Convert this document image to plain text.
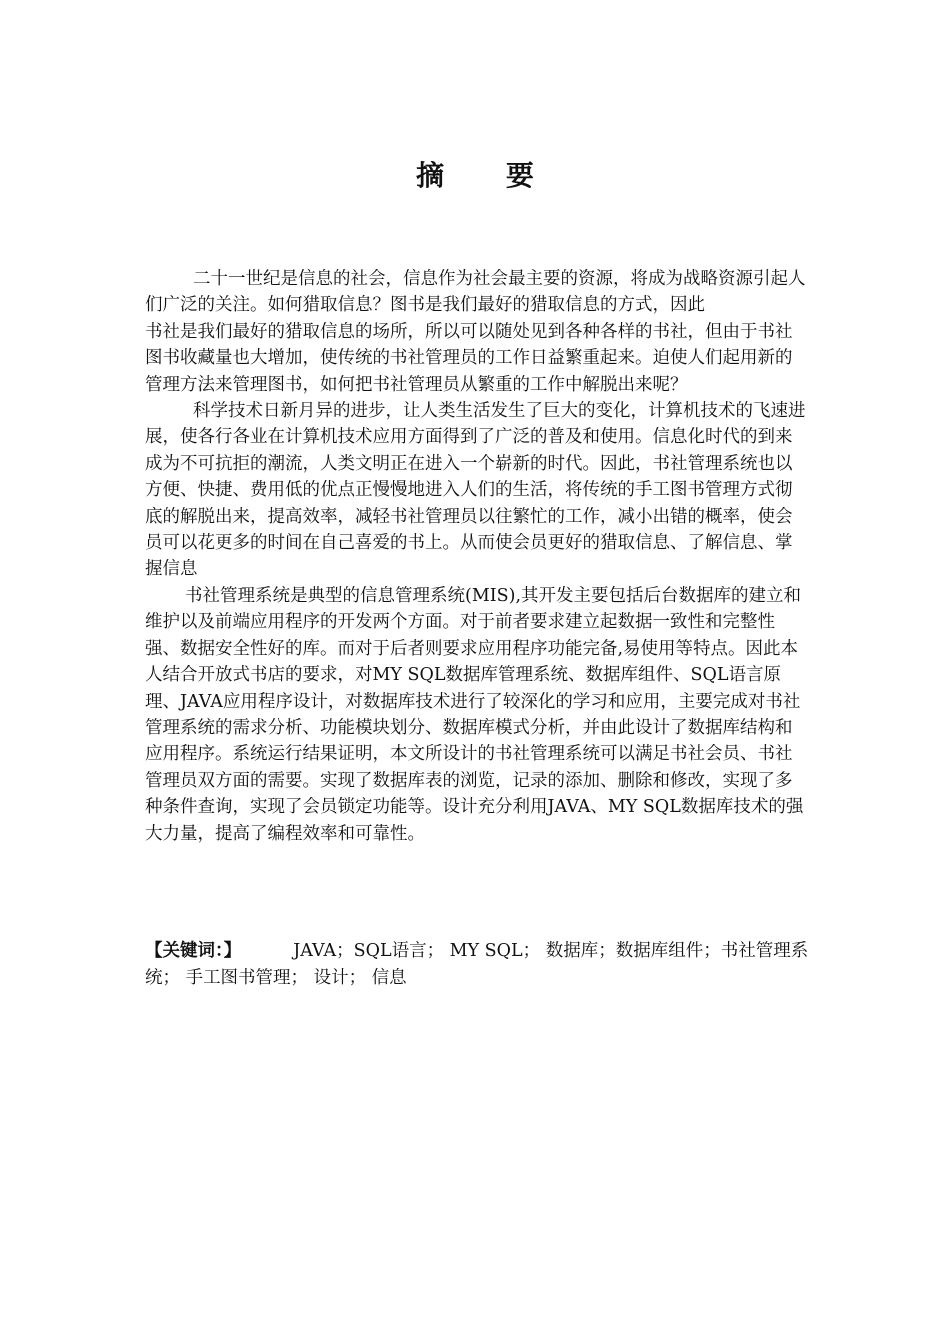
摘 要

二十一世纪是信息的社会，信息作为社会最主要的资源，将成为战略资源引起人们广泛的关注。如何猎取信息？图书是我们最好的猎取信息的方式，因此

书社是我们最好的猎取信息的场所，所以可以随处见到各种各样的书社，但由于书社图书收藏量也大增加，使传统的书社管理员的工作日益繁重起来。迫使人们起用新的管理方法来管理图书，如何把书社管理员从繁重的工作中解脱出来呢？

科学技术日新月异的进步，让人类生活发生了巨大的变化，计算机技术的飞速进展，使各行各业在计算机技术应用方面得到了广泛的普及和使用。信息化时代的到来成为不可抗拒的潮流，人类文明正在进入一个崭新的时代。因此，书社管理系统也以方便、快捷、费用低的优点正慢慢地进入人们的生活，将传统的手工图书管理方式彻底的解脱出来，提高效率，减轻书社管理员以往繁忙的工作，减小出错的概率，使会员可以花更多的时间在自己喜爱的书上。从而使会员更好的猎取信息、了解信息、掌握信息

书社管理系统是典型的信息管理系统(MIS),其开发主要包括后台数据库的建立和维护以及前端应用程序的开发两个方面。对于前者要求建立起数据一致性和完整性强、数据安全性好的库。而对于后者则要求应用程序功能完备,易使用等特点。因此本人结合开放式书店的要求，对MY SQL数据库管理系统、数据库组件、SQL语言原理、JAVA应用程序设计，对数据库技术进行了较深化的学习和应用，主要完成对书社管理系统的需求分析、功能模块划分、数据库模式分析，并由此设计了数据库结构和应用程序。系统运行结果证明，本文所设计的书社管理系统可以满足书社会员、书社管理员双方面的需要。实现了数据库表的浏览，记录的添加、删除和修改，实现了多种条件查询，实现了会员锁定功能等。设计充分利用JAVA、MY SQL数据库技术的强大力量，提高了编程效率和可靠性。

【关键词：】	JAVA；SQL语言； MY SQL； 数据库；数据库组件；书社管理系统； 手工图书管理； 设计； 信息
